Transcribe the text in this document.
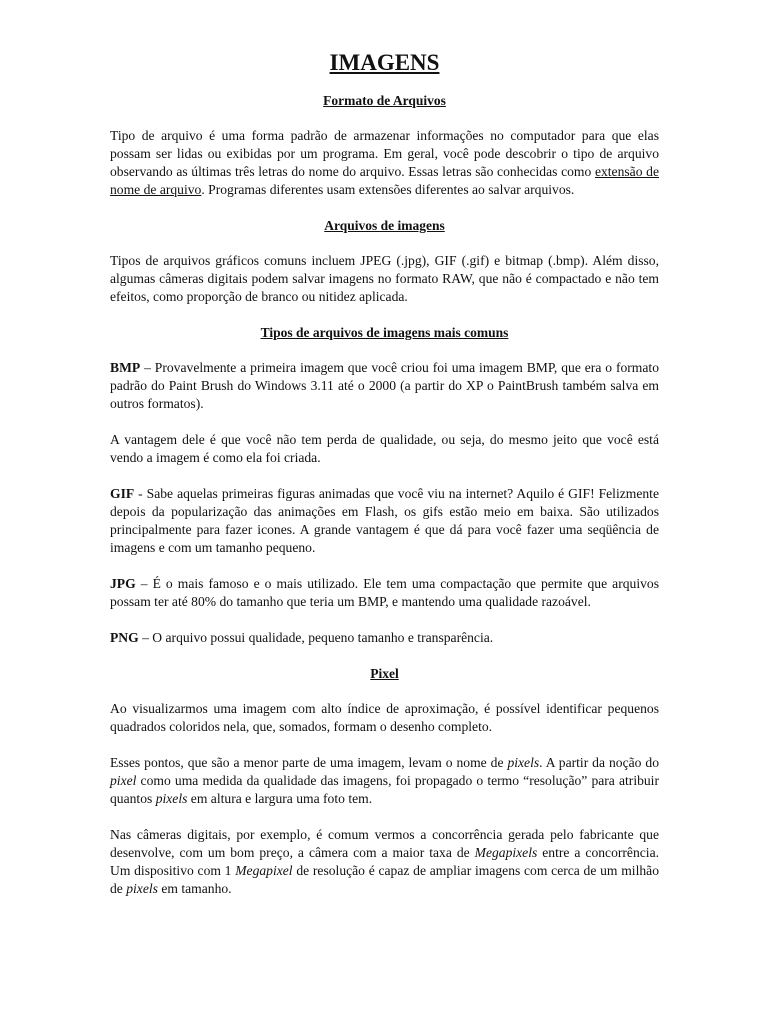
IMAGENS
Formato de Arquivos

Tipo de arquivo é uma forma padrão de armazenar informações no computador para que elas possam ser lidas ou exibidas por um programa. Em geral, você pode descobrir o tipo de arquivo observando as últimas três letras do nome do arquivo. Essas letras são conhecidas como extensão de nome de arquivo. Programas diferentes usam extensões diferentes ao salvar arquivos.

Arquivos de imagens

Tipos de arquivos gráficos comuns incluem JPEG (.jpg), GIF (.gif) e bitmap (.bmp). Além disso, algumas câmeras digitais podem salvar imagens no formato RAW, que não é compactado e não tem efeitos, como proporção de branco ou nitidez aplicada.

Tipos de arquivos de imagens mais comuns

BMP – Provavelmente a primeira imagem que você criou foi uma imagem BMP, que era o formato padrão do Paint Brush do Windows 3.11 até o 2000 (a partir do XP o PaintBrush também salva em outros formatos).

A vantagem dele é que você não tem perda de qualidade, ou seja, do mesmo jeito que você está vendo a imagem é como ela foi criada.

GIF - Sabe aquelas primeiras figuras animadas que você viu na internet? Aquilo é GIF! Felizmente depois da popularização das animações em Flash, os gifs estão meio em baixa. São utilizados principalmente para fazer icones. A grande vantagem é que dá para você fazer uma seqüência de imagens e com um tamanho pequeno.

JPG – É o mais famoso e o mais utilizado. Ele tem uma compactação que permite que arquivos possam ter até 80% do tamanho que teria um BMP, e mantendo uma qualidade razoável.

PNG – O arquivo possui qualidade, pequeno tamanho e transparência.

Pixel

Ao visualizarmos uma imagem com alto índice de aproximação, é possível identificar pequenos quadrados coloridos nela, que, somados, formam o desenho completo.

Esses pontos, que são a menor parte de uma imagem, levam o nome de pixels. A partir da noção do pixel como uma medida da qualidade das imagens, foi propagado o termo “resolução” para atribuir quantos pixels em altura e largura uma foto tem.

Nas câmeras digitais, por exemplo, é comum vermos a concorrência gerada pelo fabricante que desenvolve, com um bom preço, a câmera com a maior taxa de Megapixels entre a concorrência. Um dispositivo com 1 Megapixel de resolução é capaz de ampliar imagens com cerca de um milhão de pixels em tamanho.
